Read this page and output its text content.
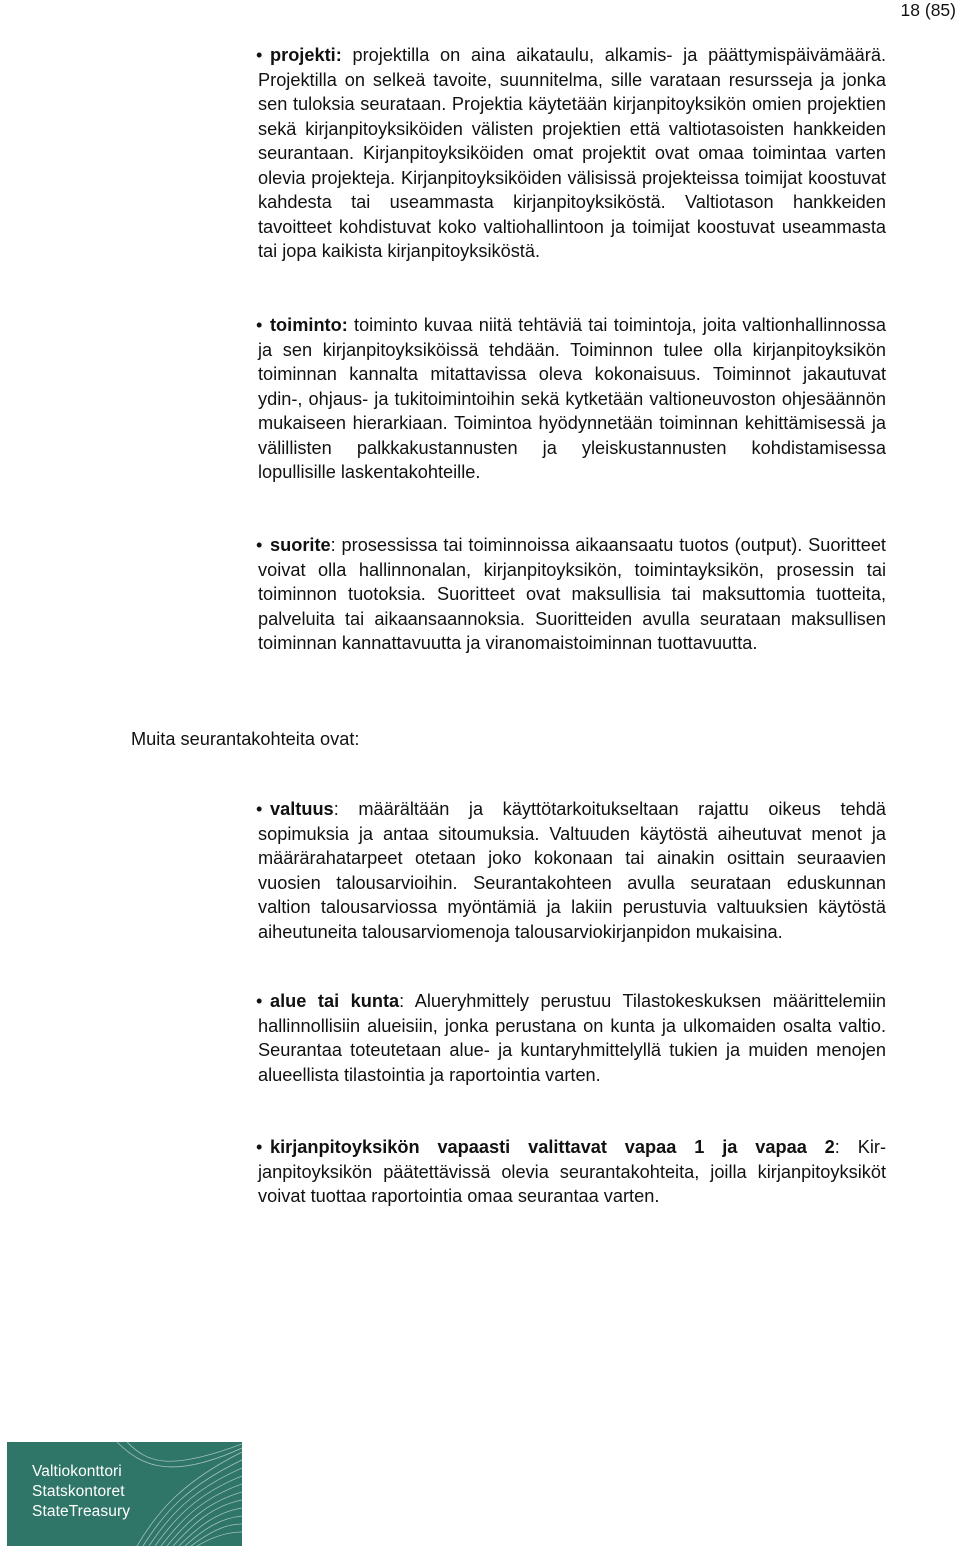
18 (85)
• projekti: projektilla on aina aikataulu, alkamis- ja päättymispäivämäärä. Projektilla on selkeä tavoite, suunnitelma, sille varataan resursseja ja jonka sen tuloksia seurataan. Projektia käytetään kirjanpitoyksikön omien projektien sekä kirjanpitoyksiköiden välisten projektien että valtiotasoisten hankkeiden seurantaan. Kirjanpitoyksiköiden omat projektit ovat omaa toimintaa varten olevia projekteja. Kirjanpitoyksiköiden välisissä projekteissa toimijat koostuvat kahdesta tai useammasta kirjanpitoyksiköstä. Valtiotason hankkeiden tavoitteet kohdistuvat koko valtiohallintoon ja toimijat koostuvat useammasta tai jopa kaikista kirjanpitoyksiköstä.
• toiminto: toiminto kuvaa niitä tehtäviä tai toimintoja, joita valtionhallinnossa ja sen kirjanpitoyksiköissä tehdään. Toiminnon tulee olla kirjanpitoyksikön toiminnan kannalta mitattavissa oleva kokonaisuus. Toiminnot jakautuvat ydin-, ohjaus- ja tukitoimintoihin sekä kytketään valtioneuvoston ohjesäännön mukaiseen hierarkiaan. Toimintoa hyödynnetään toiminnan kehittämisessä ja välillisten palkkakustannusten ja yleiskustannusten kohdistamisessa lopullisille laskentakohteille.
• suorite: prosessissa tai toiminnoissa aikaansaatu tuotos (output). Suoritteet voivat olla hallinnonalan, kirjanpitoyksikön, toimintayksikön, prosessin tai toiminnon tuotoksia. Suoritteet ovat maksullisia tai maksuttomia tuotteita, palveluita tai aikaansaannoksia. Suoritteiden avulla seurataan maksullisen toiminnan kannattavuutta ja viranomaistoiminnan tuottavuutta.
Muita seurantakohteita ovat:
• valtuus: määrältään ja käyttötarkoitukseltaan rajattu oikeus tehdä sopimuksia ja antaa sitoumuksia. Valtuuden käytöstä aiheutuvat menot ja määrärahatarpeet otetaan joko kokonaan tai ainakin osittain seuraavien vuosien talousarvioihin. Seurantakohteen avulla seurataan eduskunnan valtion talousarviossa myöntämiä ja lakiin perustuvia valtuuksien käytöstä aiheutuneita talousarviomenoja talousarviokirjanpidon mukaisina.
• alue tai kunta: Alueryhmittely perustuu Tilastokeskuksen määrittelemiin hallinnollisiin alueisiin, jonka perustana on kunta ja ulkomaiden osalta valtio. Seurantaa toteutetaan alue- ja kuntaryhmittelyllä tukien ja muiden menojen alueellista tilastointia ja raportointia varten.
• kirjanpitoyksikön vapaasti valittavat vapaa 1 ja vapaa 2: Kirjanpitoyksikön päätettävissä olevia seurantakohteita, joilla kirjanpitoyksiköt voivat tuottaa raportointia omaa seurantaa varten.
Valtiokonttori
Statskontoret
StateTreasury
